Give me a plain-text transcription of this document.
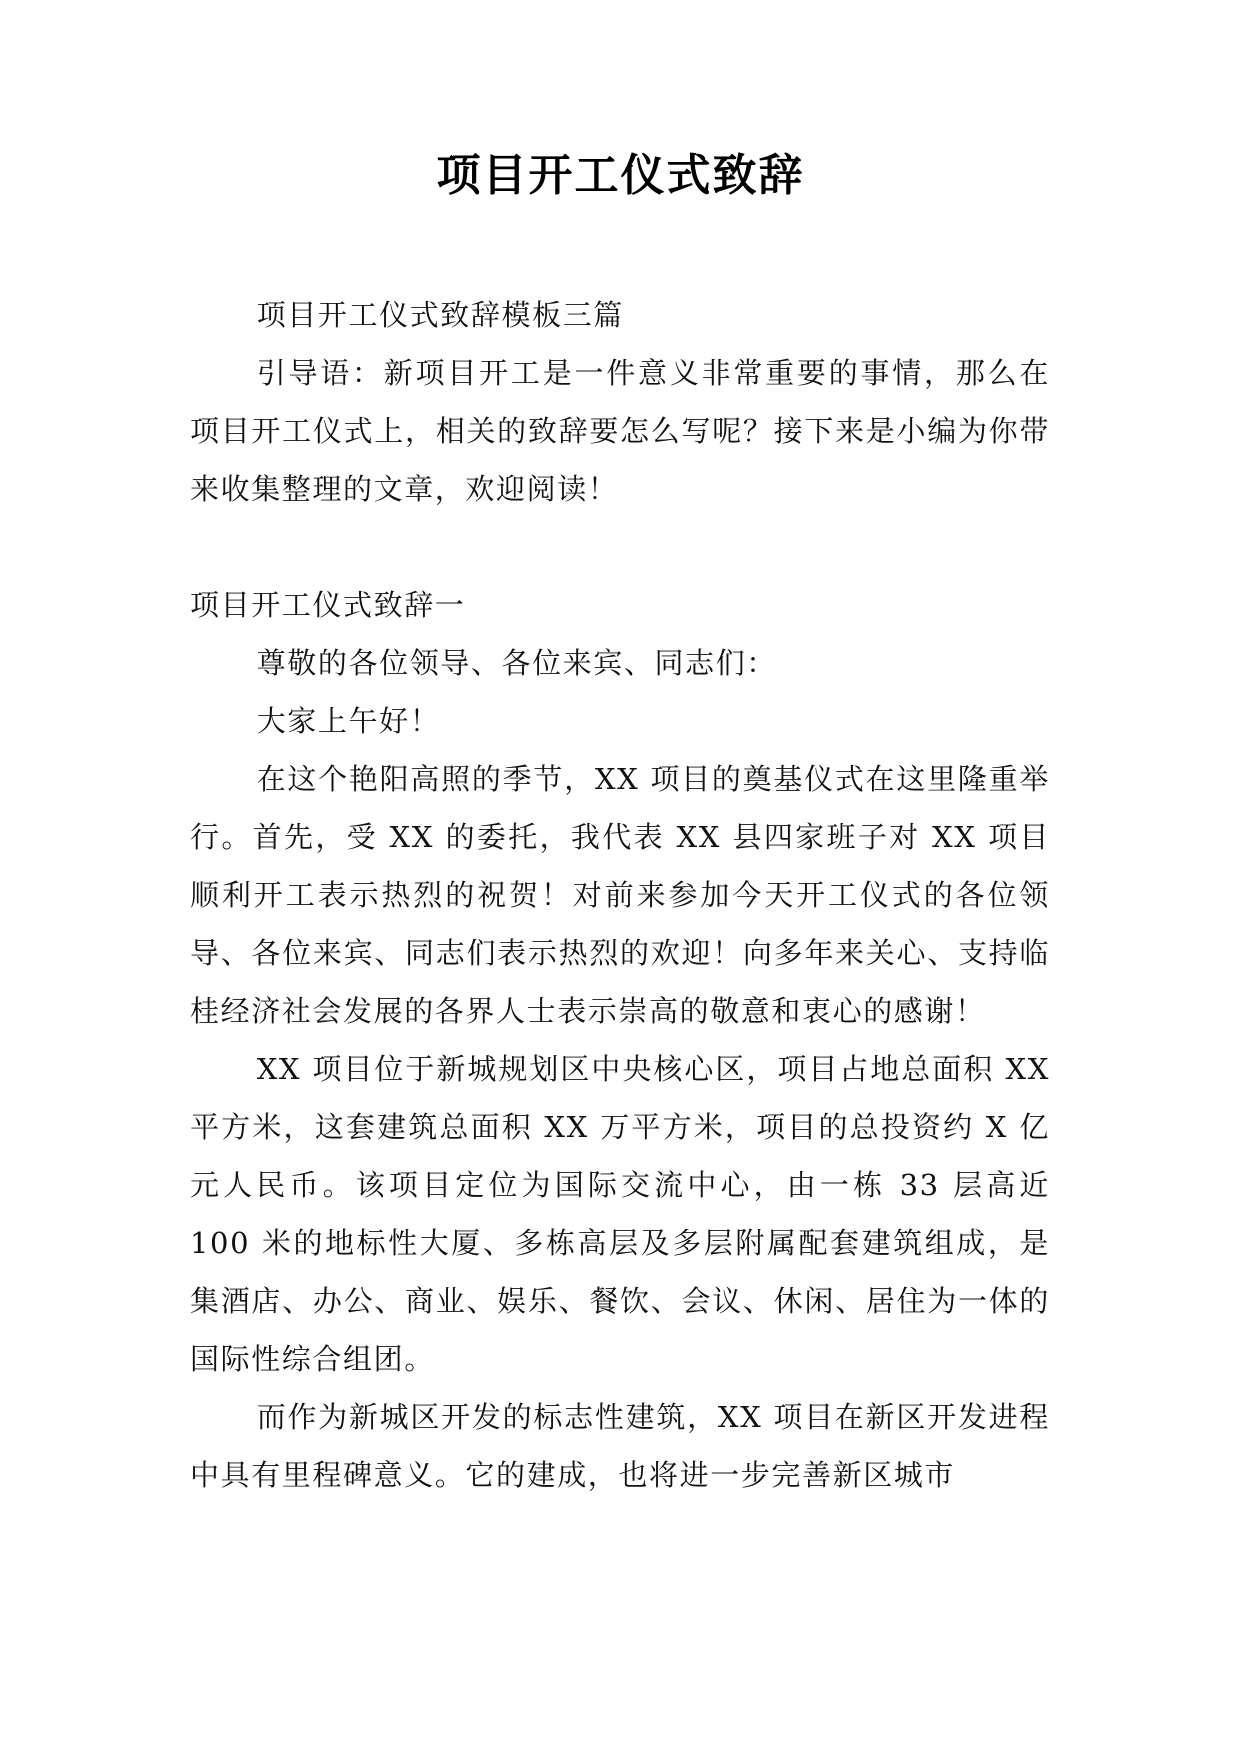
项目开工仪式致辞

项目开工仪式致辞模板三篇

引导语：新项目开工是一件意义非常重要的事情，那么在项目开工仪式上，相关的致辞要怎么写呢？接下来是小编为你带来收集整理的文章，欢迎阅读！

项目开工仪式致辞一

尊敬的各位领导、各位来宾、同志们：

大家上午好！

在这个艳阳高照的季节，XX 项目的奠基仪式在这里隆重举行。首先，受 XX 的委托，我代表 XX 县四家班子对 XX 项目顺利开工表示热烈的祝贺！对前来参加今天开工仪式的各位领导、各位来宾、同志们表示热烈的欢迎！向多年来关心、支持临桂经济社会发展的各界人士表示崇高的敬意和衷心的感谢！

XX 项目位于新城规划区中央核心区，项目占地总面积 XX 平方米，这套建筑总面积 XX 万平方米，项目的总投资约 X 亿元人民币。该项目定位为国际交流中心，由一栋 33 层高近 100 米的地标性大厦、多栋高层及多层附属配套建筑组成，是集酒店、办公、商业、娱乐、餐饮、会议、休闲、居住为一体的国际性综合组团。

而作为新城区开发的标志性建筑，XX 项目在新区开发进程中具有里程碑意义。它的建成，也将进一步完善新区城市
